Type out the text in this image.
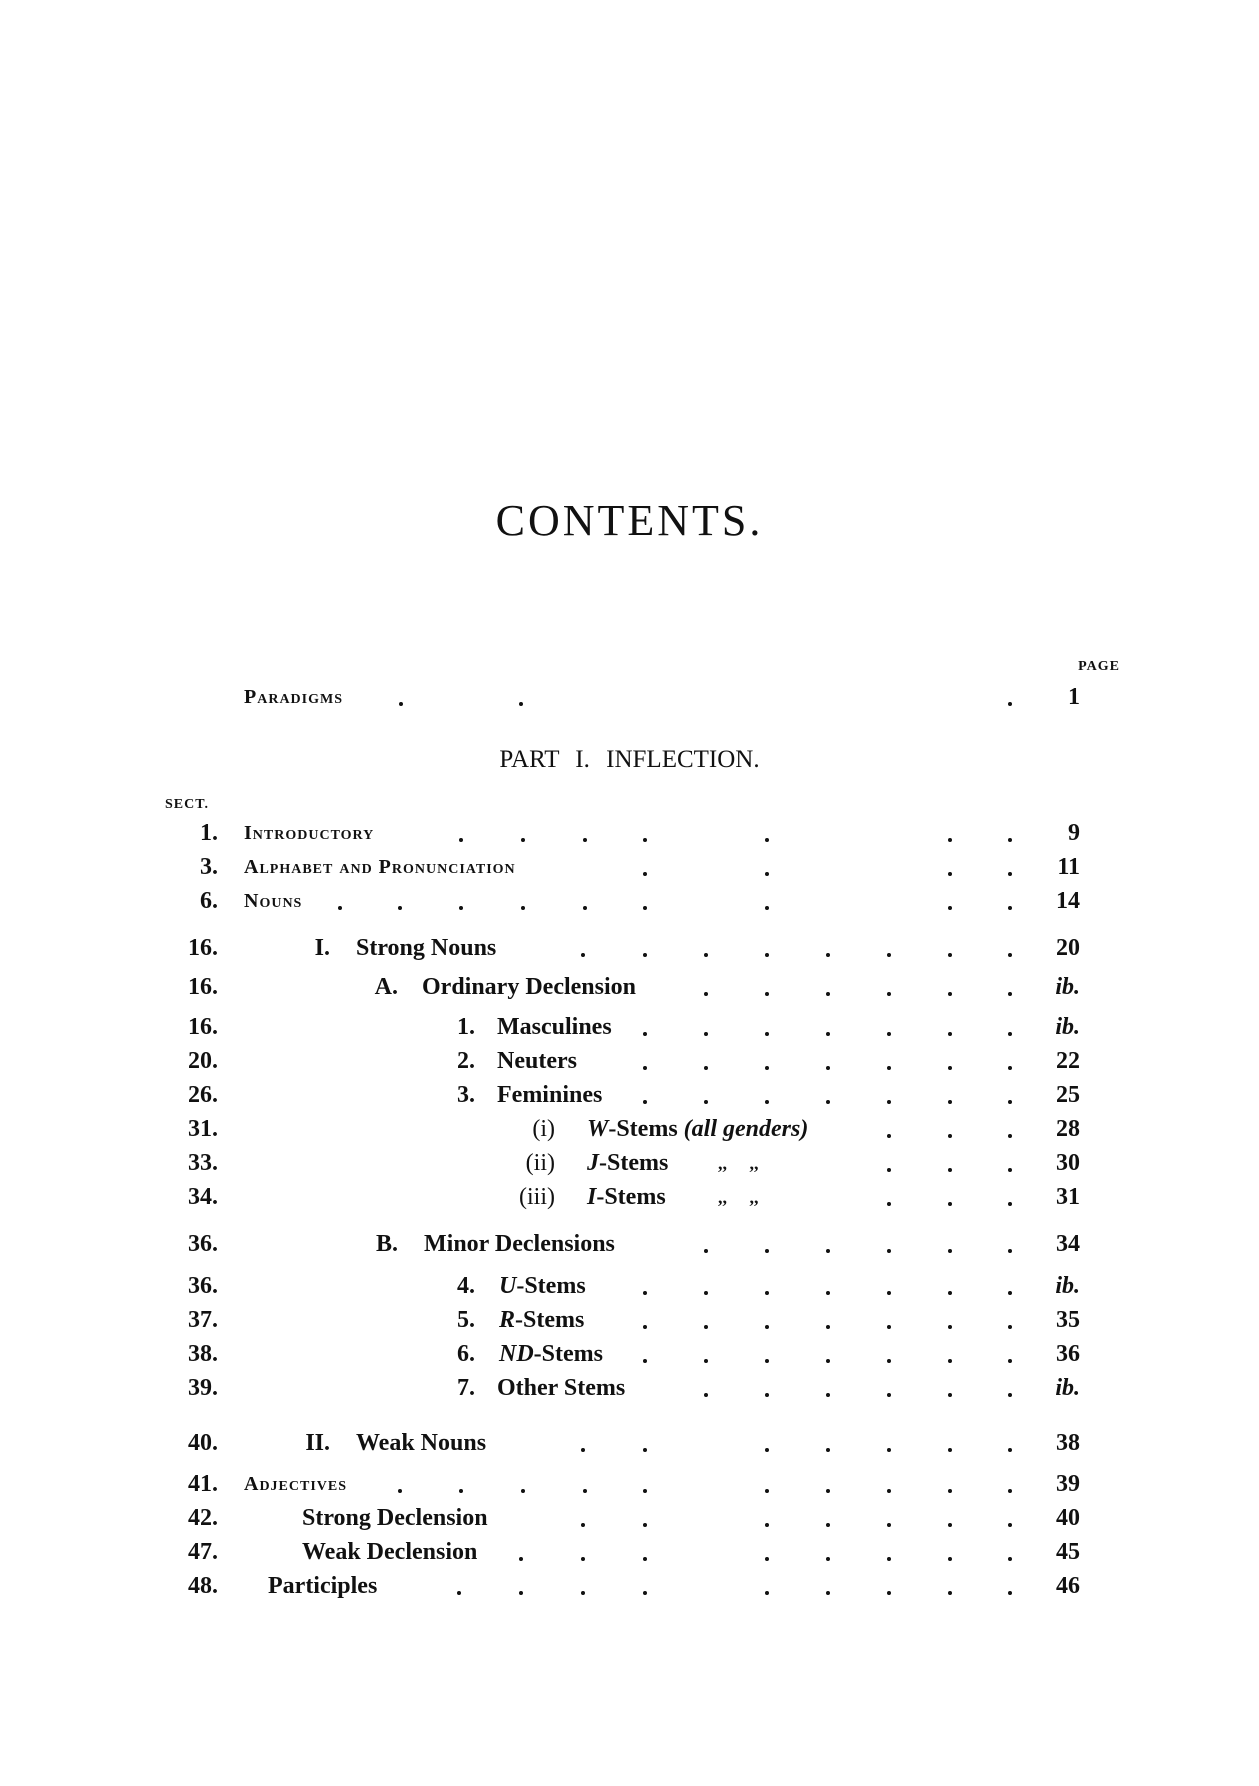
CONTENTS.
PAGE
Paradigms	1
PART I. INFLECTION.
SECT.
1. Introductory	9
3. Alphabet and Pronunciation	11
6. Nouns	14
16.	I. Strong Nouns	20
16.	A. Ordinary Declension	ib.
16.	1. Masculines	ib.
20.	2. Neuters	22
26.	3. Feminines	25
31.	(i) W-Stems (all genders)	28
33.	(ii) J-Stems	,,     ,,	30
34.	(iii) I-Stems	,,     ,,	31
36.	B. Minor Declensions	34
36.	4. U-Stems	ib.
37.	5. R-Stems	35
38.	6. ND-Stems	36
39.	7. Other Stems	ib.
40.	II. Weak Nouns	38
41. Adjectives	39
42.	Strong Declension	40
47.	Weak Declension	45
48. Participles	46
